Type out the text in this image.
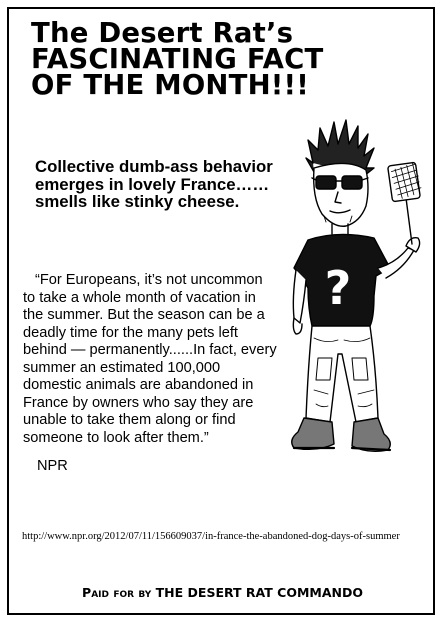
The Desert Rat’s
FASCINATING FACT
OF THE MONTH!!!
Collective dumb-ass behavior emerges in lovely France…… smells like stinky cheese.

“For Europeans, it’s not uncommon to take a whole month of vacation in the summer. But the season can be a deadly time for the many pets left behind — permanently......In fact, every summer an estimated 100,000 domestic animals are abandoned in France by owners who say they are unable to take them along or find someone to look after them.”

NPR
http://www.npr.org/2012/07/11/156609037/in-france-the-abandoned-dog-days-of-summer
Paid for by THE DESERT RAT COMMANDO
?
